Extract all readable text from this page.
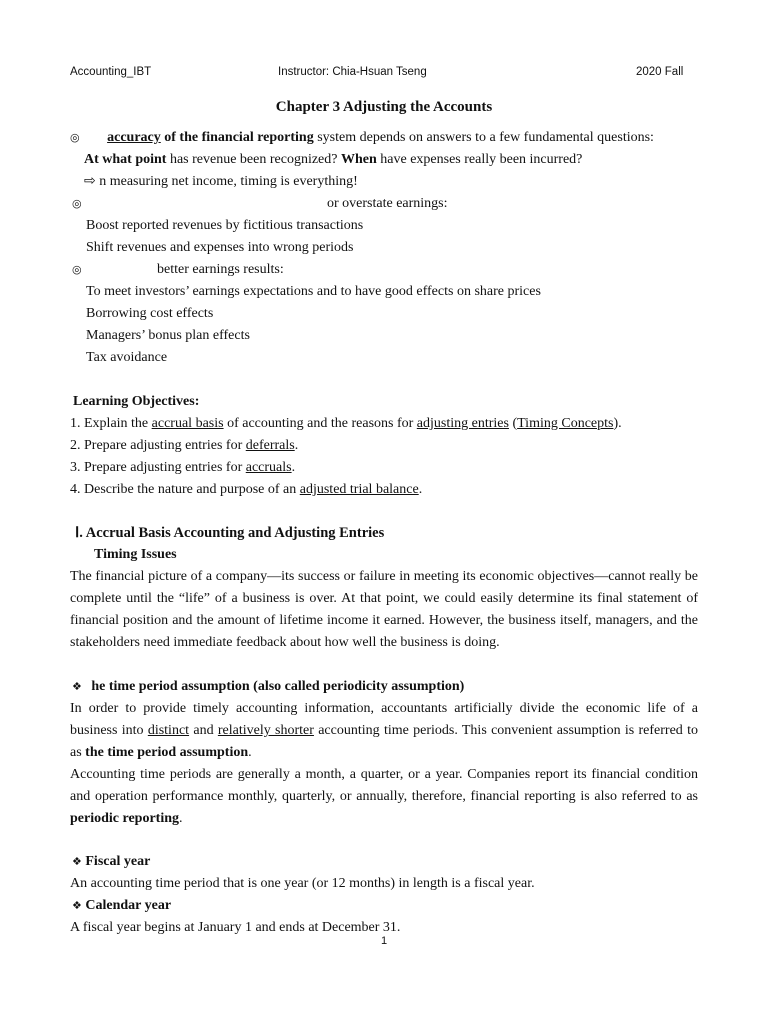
Accounting_IBT	Instructor: Chia-Hsuan Tseng	2020 Fall
Chapter 3 Adjusting the Accounts
◎ accuracy of the financial reporting system depends on answers to a few fundamental questions:
At what point has revenue been recognized? When have expenses really been incurred?
⇨ n measuring net income, timing is everything!
◎	or overstate earnings:
Boost reported revenues by fictitious transactions
Shift revenues and expenses into wrong periods
◎	better earnings results:
To meet investors’ earnings expectations and to have good effects on share prices
Borrowing cost effects
Managers’ bonus plan effects
Tax avoidance
Learning Objectives:
1. Explain the accrual basis of accounting and the reasons for adjusting entries (Timing Concepts).
2. Prepare adjusting entries for deferrals.
3. Prepare adjusting entries for accruals.
4. Describe the nature and purpose of an adjusted trial balance.
Ⅰ. Accrual Basis Accounting and Adjusting Entries
Timing Issues
The financial picture of a company—its success or failure in meeting its economic objectives—cannot really be complete until the “life” of a business is over. At that point, we could easily determine its final statement of financial position and the amount of lifetime income it earned. However, the business itself, managers, and the stakeholders need immediate feedback about how well the business is doing.
❖ he time period assumption (also called periodicity assumption)
In order to provide timely accounting information, accountants artificially divide the economic life of a business into distinct and relatively shorter accounting time periods. This convenient assumption is referred to as the time period assumption.
Accounting time periods are generally a month, a quarter, or a year. Companies report its financial condition and operation performance monthly, quarterly, or annually, therefore, financial reporting is also referred to as periodic reporting.
❖ Fiscal year
An accounting time period that is one year (or 12 months) in length is a fiscal year.
❖ Calendar year
A fiscal year begins at January 1 and ends at December 31.
1
